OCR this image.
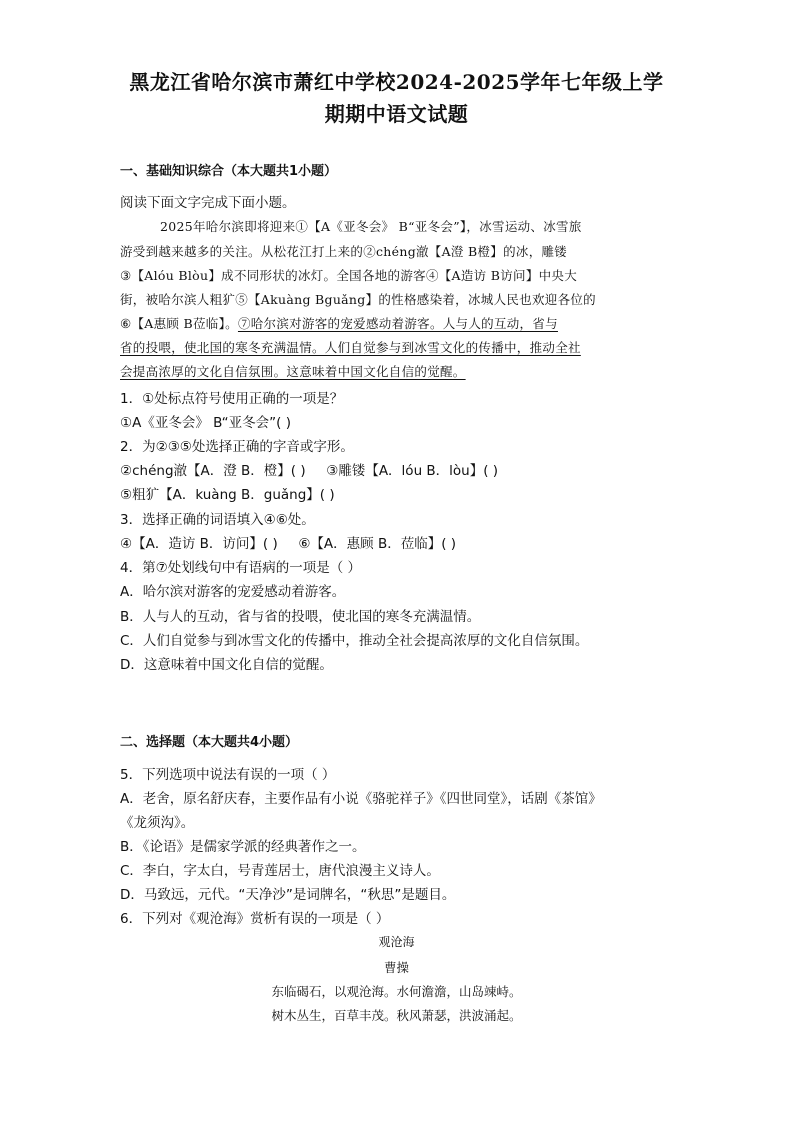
黑龙江省哈尔滨市萧红中学校2024-2025学年七年级上学
期期中语文试题
一、基础知识综合（本大题共1小题）
阅读下面文字完成下面小题。
2025年哈尔滨即将迎来①【A《亚冬会》 B“亚冬会”】，冰雪运动、冰雪旅
游受到越来越多的关注。从松花江打上来的②chéng澈【A澄 B橙】的冰，雕镂
③【Alóu Blòu】成不同形状的冰灯。全国各地的游客④【A造访 B访问】中央大
街，被哈尔滨人粗犷⑤【Akuàng Bguǎng】的性格感染着，冰城人民也欢迎各位的
⑥【A惠顾 B莅临】。⑦哈尔滨对游客的宠爱感动着游客。人与人的互动，省与
省的投喂，使北国的寒冬充满温情。人们自觉参与到冰雪文化的传播中，推动全社
会提高浓厚的文化自信氛围。这意味着中国文化自信的觉醒。
1．①处标点符号使用正确的一项是？
①A《亚冬会》 B“亚冬会”( )
2．为②③⑤处选择正确的字音或字形。
②chéng澈【A．澄 B．橙】( ) ③雕镂【A．lóu B．lòu】( )
⑤粗犷【A．kuàng B．guǎng】( )
3．选择正确的词语填入④⑥处。
④【A．造访 B．访问】( ) ⑥【A．惠顾 B．莅临】( )
4．第⑦处划线句中有语病的一项是（ ）
A．哈尔滨对游客的宠爱感动着游客。
B．人与人的互动，省与省的投喂，使北国的寒冬充满温情。
C．人们自觉参与到冰雪文化的传播中，推动全社会提高浓厚的文化自信氛围。
D．这意味着中国文化自信的觉醒。
二、选择题（本大题共4小题）
5．下列选项中说法有误的一项（ ）
A．老舍，原名舒庆春，主要作品有小说《骆驼祥子》《四世同堂》，话剧《茶馆》
《龙须沟》。
B．《论语》是儒家学派的经典著作之一。
C．李白，字太白，号青莲居士，唐代浪漫主义诗人。
D．马致远，元代。“天净沙”是词牌名，“秋思”是题目。
6．下列对《观沧海》赏析有误的一项是（ ）
观沧海
曹操
东临碣石，以观沧海。水何澹澹，山岛竦峙。
树木丛生，百草丰茂。秋风萧瑟，洪波涌起。
